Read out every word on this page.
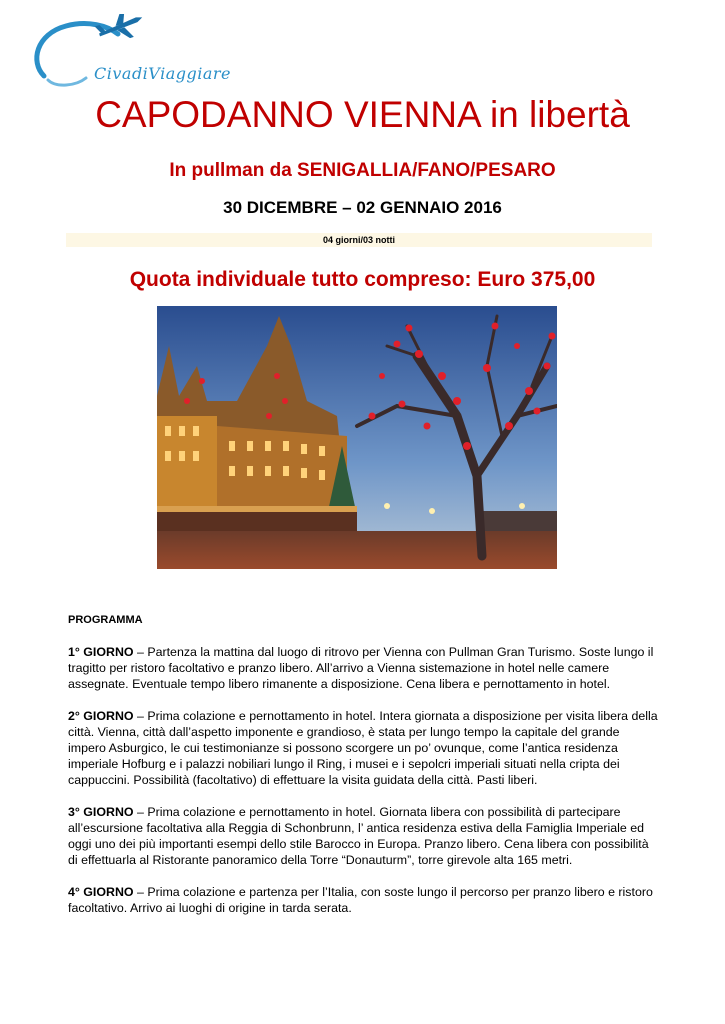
CivadiViaggiare
CAPODANNO VIENNA in libertà
In pullman da SENIGALLIA/FANO/PESARO
30 DICEMBRE – 02 GENNAIO 2016
04 giorni/03 notti
Quota individuale tutto compreso: Euro 375,00
PROGRAMMA

1° GIORNO – Partenza la mattina dal luogo di ritrovo per Vienna con Pullman Gran Turismo. Soste lungo il tragitto per ristoro facoltativo e pranzo libero. All’arrivo a Vienna sistemazione in hotel nelle camere assegnate. Eventuale tempo libero rimanente a disposizione. Cena libera e pernottamento in hotel.

2° GIORNO – Prima colazione e pernottamento in hotel. Intera giornata a disposizione per visita libera della città. Vienna, città dall’aspetto imponente e grandioso, è stata per lungo tempo la capitale del grande impero Asburgico, le cui testimonianze si possono scorgere un po’ ovunque, come l’antica residenza imperiale Hofburg e i palazzi nobiliari lungo il Ring, i musei e i sepolcri imperiali situati nella cripta dei cappuccini. Possibilità (facoltativo) di effettuare la visita guidata della città. Pasti liberi.

3° GIORNO – Prima colazione e pernottamento in hotel. Giornata libera con possibilità di partecipare all’escursione facoltativa alla Reggia di Schonbrunn, l’ antica residenza estiva della Famiglia Imperiale ed oggi uno dei più importanti esempi dello stile Barocco in Europa. Pranzo libero. Cena libera con possibilità di effettuarla al Ristorante panoramico della Torre “Donauturm”, torre girevole alta 165 metri.

4° GIORNO – Prima colazione e partenza per l’Italia, con soste lungo il percorso per pranzo libero e ristoro facoltativo. Arrivo ai luoghi di origine in tarda serata.
